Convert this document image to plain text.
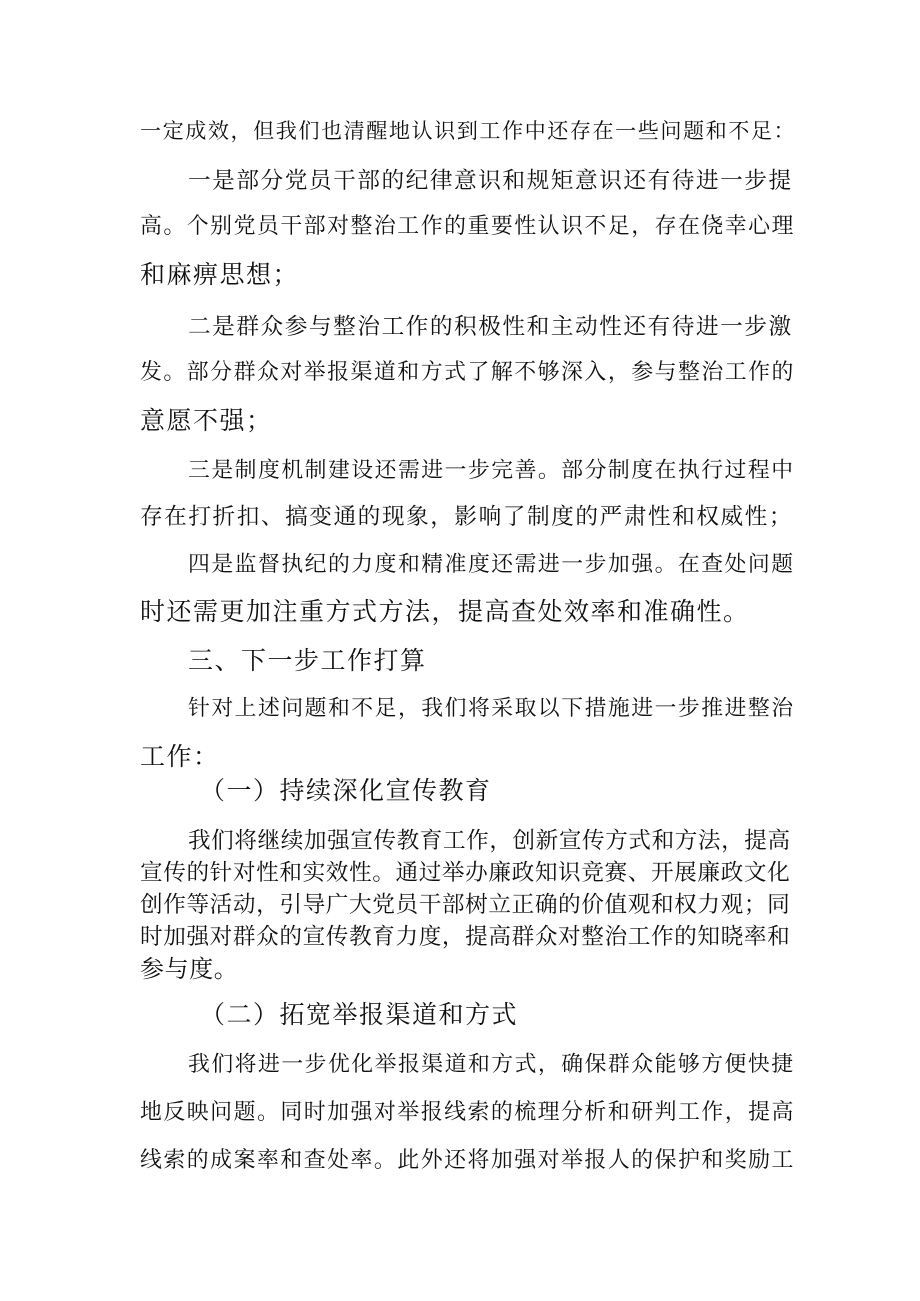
一定成效，但我们也清醒地认识到工作中还存在一些问题和不足：
一是部分党员干部的纪律意识和规矩意识还有待进一步提
高。个别党员干部对整治工作的重要性认识不足，存在侥幸心理
和麻痹思想；
二是群众参与整治工作的积极性和主动性还有待进一步激
发。部分群众对举报渠道和方式了解不够深入，参与整治工作的
意愿不强；
三是制度机制建设还需进一步完善。部分制度在执行过程中
存在打折扣、搞变通的现象，影响了制度的严肃性和权威性；
四是监督执纪的力度和精准度还需进一步加强。在查处问题
时还需更加注重方式方法，提高查处效率和准确性。
三、下一步工作打算
针对上述问题和不足，我们将采取以下措施进一步推进整治
工作：
（一）持续深化宣传教育
我们将继续加强宣传教育工作，创新宣传方式和方法，提高
宣传的针对性和实效性。通过举办廉政知识竞赛、开展廉政文化
创作等活动，引导广大党员干部树立正确的价值观和权力观；同
时加强对群众的宣传教育力度，提高群众对整治工作的知晓率和
参与度。
（二）拓宽举报渠道和方式
我们将进一步优化举报渠道和方式，确保群众能够方便快捷
地反映问题。同时加强对举报线索的梳理分析和研判工作，提高
线索的成案率和查处率。此外还将加强对举报人的保护和奖励工
